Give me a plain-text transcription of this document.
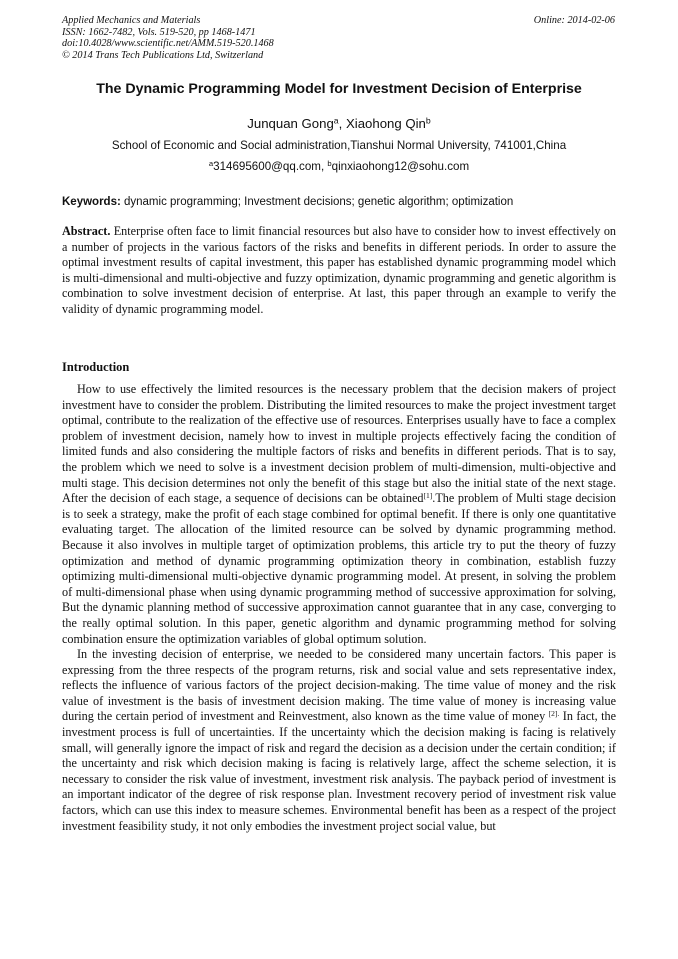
Applied Mechanics and Materials
ISSN: 1662-7482, Vols. 519-520, pp 1468-1471
doi:10.4028/www.scientific.net/AMM.519-520.1468
© 2014 Trans Tech Publications Ltd, Switzerland
Online: 2014-02-06
The Dynamic Programming Model for Investment Decision of Enterprise
Junquan Gong$^a$, Xiaohong Qin$^b$
School of Economic and Social administration,Tianshui Normal University, 741001,China
$^a$314695600@qq.com, $^b$qinxiaohong12@sohu.com
Keywords: dynamic programming; Investment decisions; genetic algorithm; optimization

Abstract. Enterprise often face to limit financial resources but also have to consider how to invest effectively on a number of projects in the various factors of the risks and benefits in different periods. In order to assure the optimal investment results of capital investment, this paper has established dynamic programming model which is multi-dimensional and multi-objective and fuzzy optimization, dynamic programming and genetic algorithm is combination to solve investment decision of enterprise. At last, this paper through an example to verify the validity of dynamic programming model.

Introduction

How to use effectively the limited resources is the necessary problem that the decision makers of project investment have to consider the problem. Distributing the limited resources to make the project investment target optimal, contribute to the realization of the effective use of resources. Enterprises usually have to face a complex problem of investment decision, namely how to invest in multiple projects effectively facing the condition of limited funds and also considering the multiple factors of risks and benefits in different periods. That is to say, the problem which we need to solve is a investment decision problem of multi-dimension, multi-objective and multi stage. This decision determines not only the benefit of this stage but also the initial state of the next stage. After the decision of each stage, a sequence of decisions can be obtained[1].The problem of Multi stage decision is to seek a strategy, make the profit of each stage combined for optimal benefit. If there is only one quantitative evaluating target. The allocation of the limited resource can be solved by dynamic programming method. Because it also involves in multiple target of optimization problems, this article try to put the theory of fuzzy optimization and method of dynamic programming optimization theory in combination, establish fuzzy optimizing multi-dimensional multi-objective dynamic programming model. At present, in solving the problem of multi-dimensional phase when using dynamic programming method of successive approximation for solving, But the dynamic planning method of successive approximation cannot guarantee that in any case, converging to the really optimal solution. In this paper, genetic algorithm and dynamic programming method for solving combination ensure the optimization variables of global optimum solution.

In the investing decision of enterprise, we needed to be considered many uncertain factors. This paper is expressing from the three respects of the program returns, risk and social value and sets representative index, reflects the influence of various factors of the project decision-making. The time value of money and the risk value of investment is the basis of investment decision making. The time value of money is increasing value during the certain period of investment and Reinvestment, also known as the time value of money $^{[2].}$ In fact, the investment process is full of uncertainties. If the uncertainty which the decision making is facing is relatively small, will generally ignore the impact of risk and regard the decision as a decision under the certain condition; if the uncertainty and risk which decision making is facing is relatively large, affect the scheme selection, it is necessary to consider the risk value of investment, investment risk analysis. The payback period of investment is an important indicator of the degree of risk response plan. Investment recovery period of investment risk value factors, which can use this index to measure schemes. Environmental benefit has been as a respect of the project investment feasibility study, it not only embodies the investment project social value, but
